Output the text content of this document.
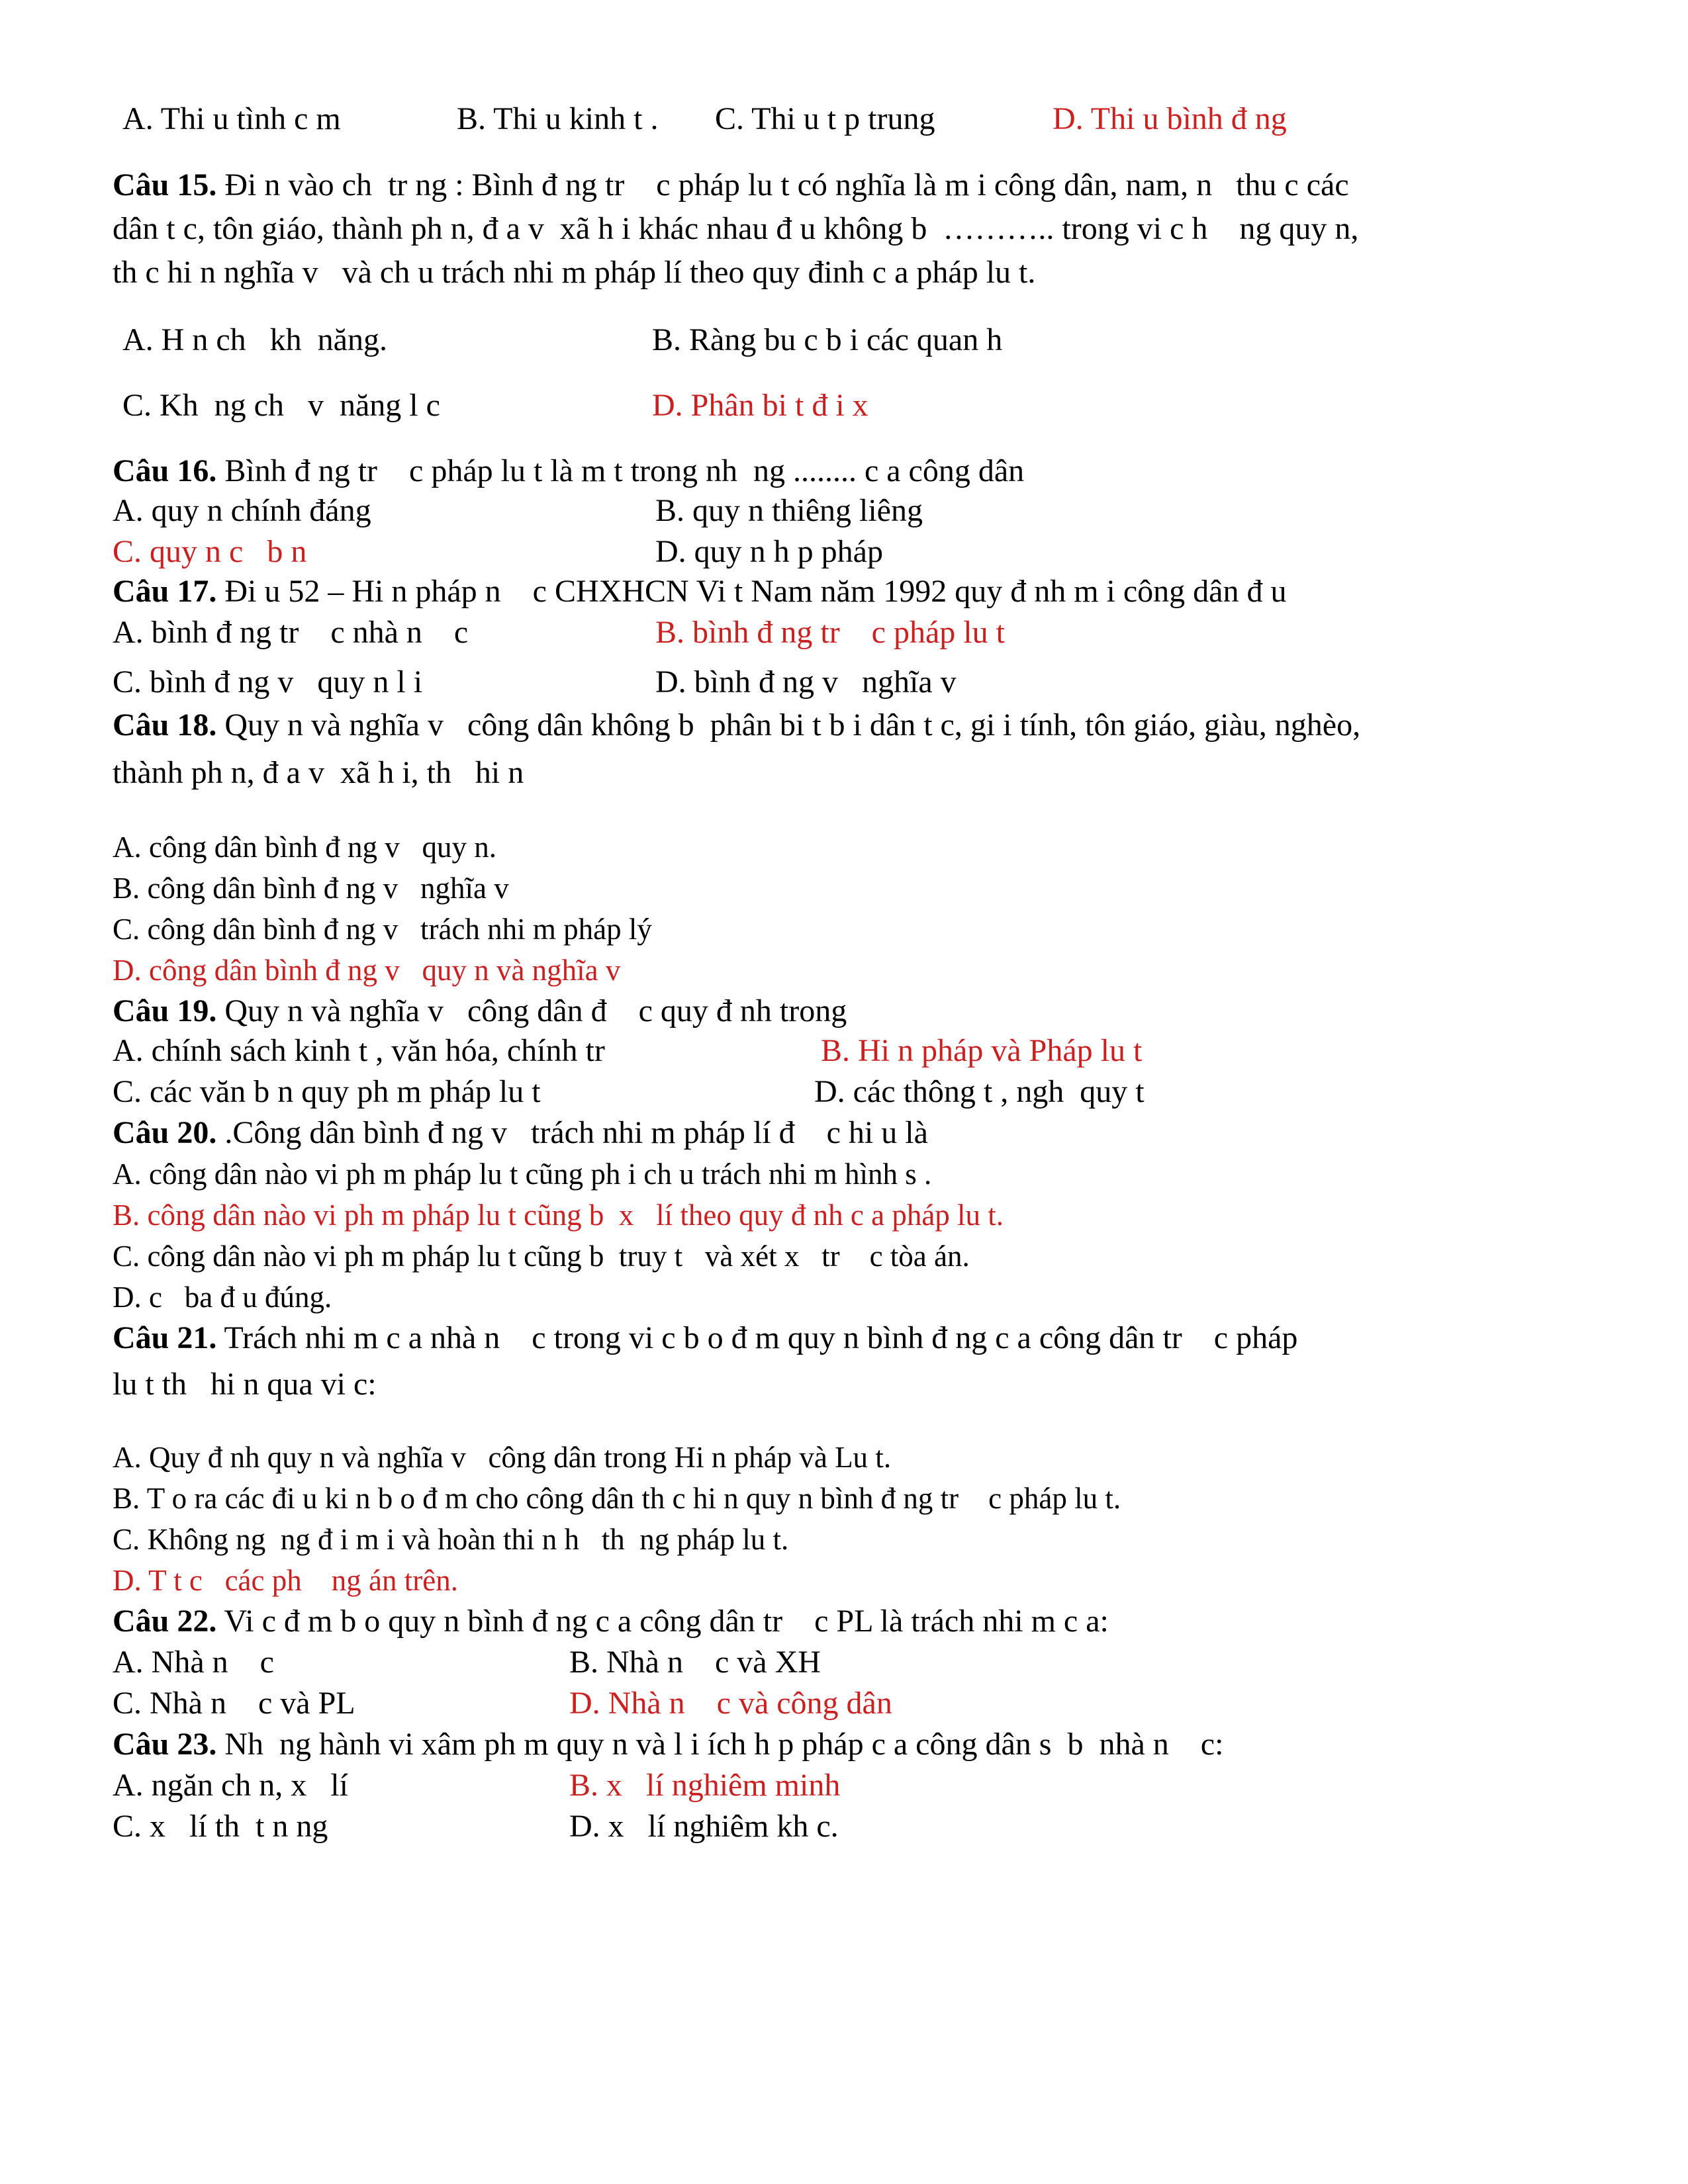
A. Thi u tình c m	B. Thi u kinh t . C. Thi u t p trung	D. Thi u bình đ ng
Câu 15. Đi n vào ch  tr ng : Bình đ ng tr    c pháp lu t có nghĩa là m i công dân, nam, n   thu c các
dân t c, tôn giáo, thành ph n, đ a v  xã h i khác nhau đ u không b  ……….. trong vi c h    ng quy n,
th c hi n nghĩa v   và ch u trách nhi m pháp lí theo quy đinh c a pháp lu t.
A. H n ch   kh  năng.	B. Ràng bu c b i các quan h
C. Kh  ng ch   v  năng l c	D. Phân bi t đ i x
Câu 16. Bình đ ng tr    c pháp lu t là m t trong nh  ng ........ c a công dân
A. quy n chính đáng	B. quy n thiêng liêng
C. quy n c   b n	D. quy n h p pháp
Câu 17. Đi u 52 – Hi n pháp n    c CHXHCN Vi t Nam năm 1992 quy đ nh m i công dân đ u
A. bình đ ng tr    c nhà n    c	B. bình đ ng tr    c pháp lu t
C. bình đ ng v   quy n l i	D. bình đ ng v   nghĩa v
Câu 18. Quy n và nghĩa v   công dân không b  phân bi t b i dân t c, gi i tính, tôn giáo, giàu, nghèo,
thành ph n, đ a v  xã h i, th   hi n
A. công dân bình đ ng v   quy n.
B. công dân bình đ ng v   nghĩa v
C. công dân bình đ ng v   trách nhi m pháp lý
D. công dân bình đ ng v   quy n và nghĩa v
Câu 19. Quy n và nghĩa v   công dân đ    c quy đ nh trong
A. chính sách kinh t , văn hóa, chính tr	B. Hi n pháp và Pháp lu t
C. các văn b n quy ph m pháp lu t	D. các thông t , ngh  quy t
Câu 20. .Công dân bình đ ng v   trách nhi m pháp lí đ    c hi u là
A. công dân nào vi ph m pháp lu t cũng ph i ch u trách nhi m hình s .
B. công dân nào vi ph m pháp lu t cũng b  x   lí theo quy đ nh c a pháp lu t.
C. công dân nào vi ph m pháp lu t cũng b  truy t   và xét x   tr    c tòa án.
D. c   ba đ u đúng.
Câu 21. Trách nhi m c a nhà n    c trong vi c b o đ m quy n bình đ ng c a công dân tr    c pháp
lu t th   hi n qua vi c:
A. Quy đ nh quy n và nghĩa v   công dân trong Hi n pháp và Lu t.
B. T o ra các đi u ki n b o đ m cho công dân th c hi n quy n bình đ ng tr    c pháp lu t.
C. Không ng  ng đ i m i và hoàn thi n h   th  ng pháp lu t.
D. T t c   các ph    ng án trên.
Câu 22. Vi c đ m b o quy n bình đ ng c a công dân tr    c PL là trách nhi m c a:
A. Nhà n    c	B. Nhà n    c và XH
C. Nhà n    c và PL	D. Nhà n    c và công dân
Câu 23. Nh  ng hành vi xâm ph m quy n và l i ích h p pháp c a công dân s  b  nhà n    c:
A. ngăn ch n, x   lí	B. x   lí nghiêm minh
C. x   lí th  t n ng	D. x   lí nghiêm kh c.
